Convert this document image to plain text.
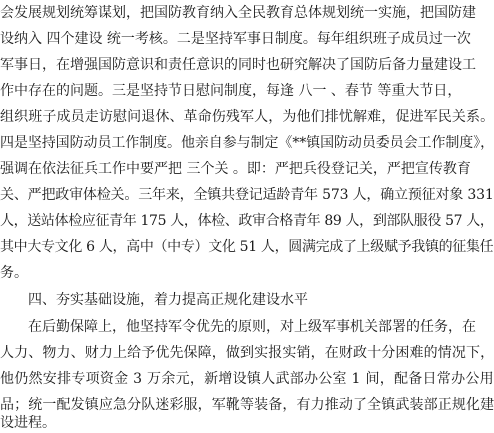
会发展规划统筹谋划，把国防教育纳入全民教育总体规划统一实施，把国防建
设纳入 四个建设 统一考核。二是坚持军事日制度。每年组织班子成员过一次
军事日，在增强国防意识和责任意识的同时也研究解决了国防后备力量建设工
作中存在的问题。三是坚持节日慰问制度，每逢 八一 、春节 等重大节日，
组织班子成员走访慰问退休、革命伤残军人，为他们排忧解难，促进军民关系。
四是坚持国防动员工作制度。他亲自参与制定《**镇国防动员委员会工作制度》，
强调在依法征兵工作中要严把 三个关 。即：严把兵役登记关，严把宣传教育
关、严把政审体检关。三年来，全镇共登记适龄青年 573 人，确立预征对象 331
人，送站体检应征青年 175 人，体检、政审合格青年 89 人，到部队服役 57 人，
其中大专文化 6 人，高中（中专）文化 51 人，圆满完成了上级赋予我镇的征集任
务。
四、夯实基础设施，着力提高正规化建设水平
在后勤保障上，他坚持军令优先的原则，对上级军事机关部署的任务，在
人力、物力、财力上给予优先保障，做到实报实销，在财政十分困难的情况下，
他仍然安排专项资金 3 万余元，新增设镇人武部办公室 1 间，配备日常办公用
品；统一配发镇应急分队迷彩服，军靴等装备，有力推动了全镇武装部正规化建
设进程。
